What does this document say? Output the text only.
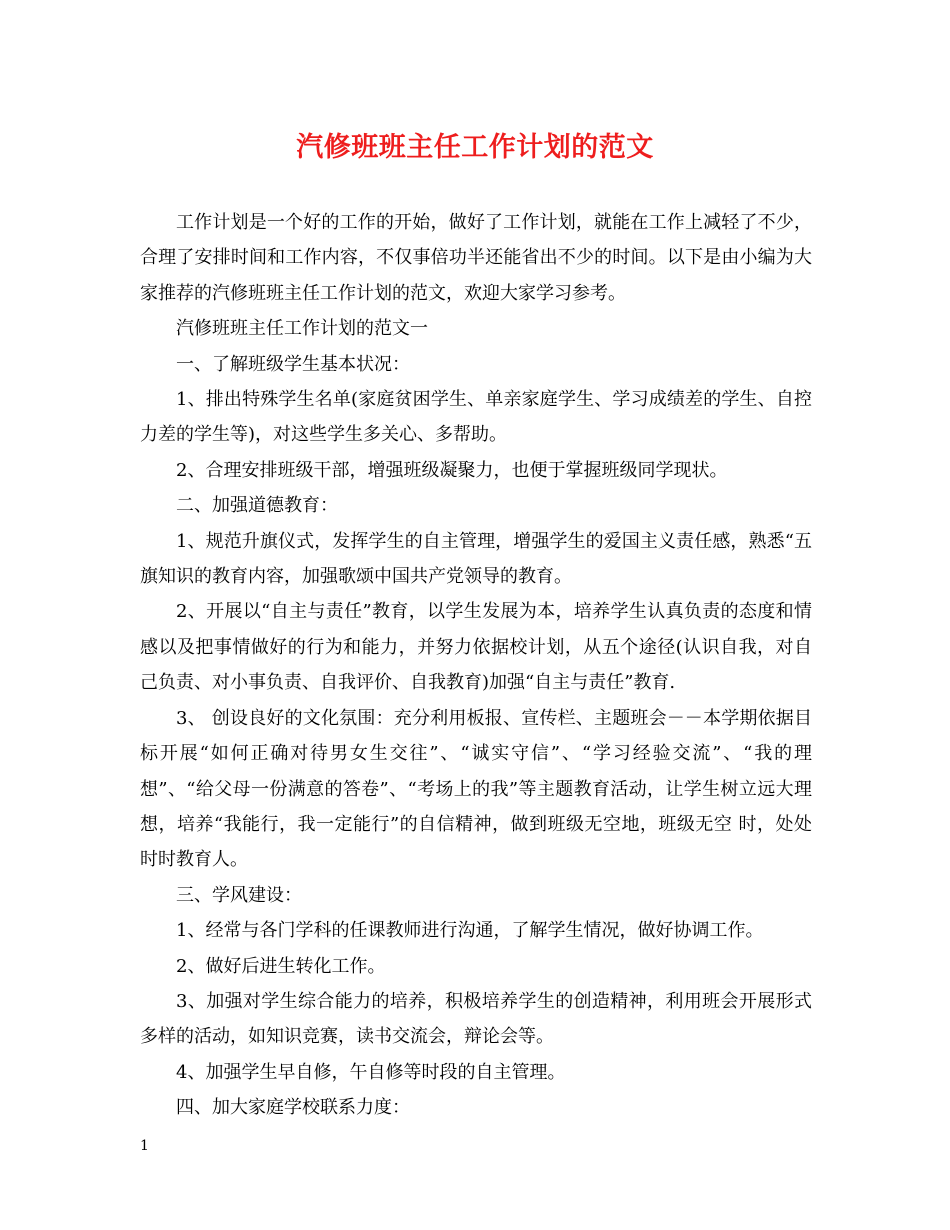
汽修班班主任工作计划的范文

工作计划是一个好的工作的开始，做好了工作计划，就能在工作上减轻了不少，合理了安排时间和工作内容，不仅事倍功半还能省出不少的时间。以下是由小编为大家推荐的汽修班班主任工作计划的范文，欢迎大家学习参考。

汽修班班主任工作计划的范文一

一、了解班级学生基本状况：

1、排出特殊学生名单(家庭贫困学生、单亲家庭学生、学习成绩差的学生、自控力差的学生等)，对这些学生多关心、多帮助。

2、合理安排班级干部，增强班级凝聚力，也便于掌握班级同学现状。

二、加强道德教育：

1、规范升旗仪式，发挥学生的自主管理，增强学生的爱国主义责任感，熟悉“五旗知识的教育内容，加强歌颂中国共产党领导的教育。

2、开展以“自主与责任”教育，以学生发展为本，培养学生认真负责的态度和情感以及把事情做好的行为和能力，并努力依据校计划，从五个途径(认识自我，对自己负责、对小事负责、自我评价、自我教育)加强“自主与责任”教育.

3、 创设良好的文化氛围：充分利用板报、宣传栏、主题班会－－本学期依据目标开展“如何正确对待男女生交往”、“诚实守信”、“学习经验交流”、“我的理 想”、“给父母一份满意的答卷”、“考场上的我”等主题教育活动，让学生树立远大理想，培养“我能行，我一定能行”的自信精神，做到班级无空地，班级无空 时，处处时时教育人。

三、学风建设：

1、经常与各门学科的任课教师进行沟通，了解学生情况，做好协调工作。

2、做好后进生转化工作。

3、加强对学生综合能力的培养，积极培养学生的创造精神，利用班会开展形式多样的活动，如知识竞赛，读书交流会，辩论会等。

4、加强学生早自修，午自修等时段的自主管理。

四、加大家庭学校联系力度：

1
